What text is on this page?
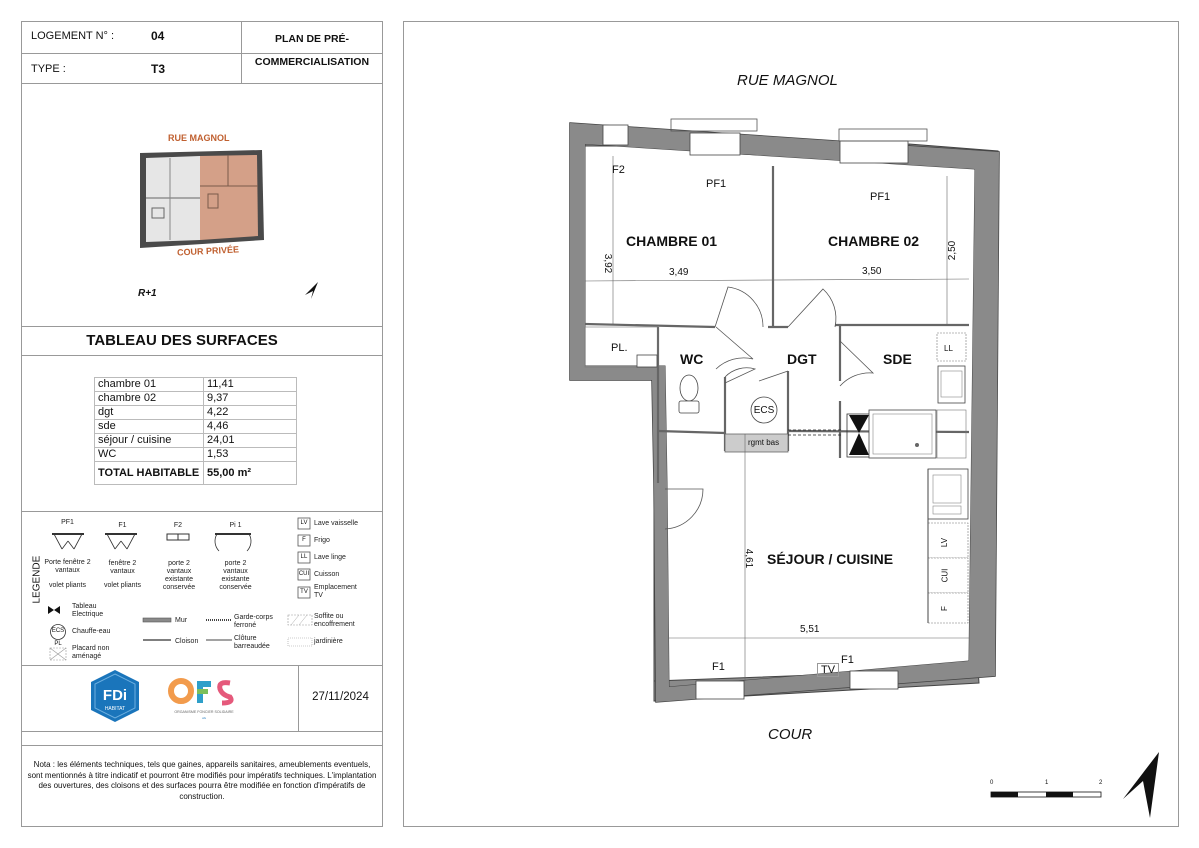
LOGEMENT N° :	04
TYPE :	T3
PLAN DE PRÉ-
COMMERCIALISATION
RUE MAGNOL
COUR PRIVÉE
R+1
TABLEAU DES SURFACES
chambre 01	11,41
chambre 02	9,37
dgt	4,22
sde	4,46
séjour / cuisine	24,01
WC	1,53
TOTAL HABITABLE	55,00 m²
LEGENDE
PF1
Porte fenêtre 2 vantaux
volet pliants
F1
fenêtre 2 vantaux
volet pliants
F2
porte 2 vantaux existante conservée
Pi 1
porte 2 vantaux existante conservée
LV Lave vaisselle
F	Frigo
LL Lave linge
CUI Cuisson
TV
Emplacement TV
Tableau Electrique
ECS	Chauffe-eau
PL
Placard non aménagé
Mur
Cloison
Garde-corps ferroné
Clôture barreaudée
Soffite ou encoffrement
jardinière
FDi
HABITAT	ORGANISME FONCIER SOLIDAIRE
ofs
27/11/2024
Nota : les éléments techniques, tels que gaines, appareils sanitaires, ameublements eventuels, sont mentionnés à titre indicatif et pourront être modifiés pour impératifs techniques. L'implantation des ouvertures, des cloisons et des surfaces pourra être modifiée en fonction d'impératifs de construction.
RUE MAGNOL
COUR
CHAMBRE 01	CHAMBRE 02
WC	DGT	SDE
SÉJOUR / CUISINE
F2
PF1
PF1
PL.	LL
ECS
rgmt bas
LV
CUI
F
F1
F1
TV
3,92	3,49	3,50
2,50
4,61
5,51
0	1	2
